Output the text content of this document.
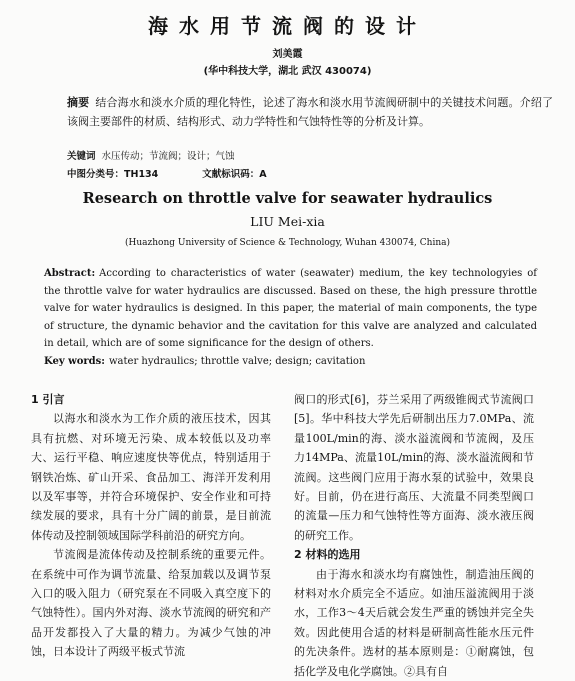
海水用节流阀的设计
刘美霞
(华中科技大学，湖北 武汉 430074)
摘要 结合海水和淡水介质的理化特性，论述了海水和淡水用节流阀研制中的关键技术问题。介绍了该阀主要部件的材质、结构形式、动力学特性和气蚀特性等的分析及计算。
关键词 水压传动；节流阀；设计；气蚀
中图分类号：TH134	文献标识码：A
Research on throttle valve for seawater hydraulics
LIU Mei-xia
(Huazhong University of Science & Technology, Wuhan 430074, China)
Abstract: According to characteristics of water (seawater) medium, the key technologyies of the throttle valve for water hydraulics are discussed. Based on these, the high pressure throttle valve for water hydraulics is designed. In this paper, the material of main components, the type of structure, the dynamic behavior and the cavitation for this valve are analyzed and calculated in detail, which are of some significance for the design of others.
Key words: water hydraulics; throttle valve; design; cavitation
1 引言

以海水和淡水为工作介质的液压技术，因其具有抗燃、对环境无污染、成本较低以及功率大、运行平稳、响应速度快等优点，特别适用于钢铁冶炼、矿山开采、食品加工、海洋开发利用以及军事等，并符合环境保护、安全作业和可持续发展的要求，具有十分广阔的前景，是目前流体传动及控制领域国际学科前沿的研究方向。

节流阀是流体传动及控制系统的重要元件。在系统中可作为调节流量、给泵加载以及调节泵入口的吸入阻力（研究泵在不同吸入真空度下的气蚀特性）。国内外对海、淡水节流阀的研究和产品开发都投入了大量的精力。为减少气蚀的冲蚀，日本设计了两级平板式节流

阀口的形式[6]，芬兰采用了两级锥阀式节流阀口[5]。华中科技大学先后研制出压力7.0MPa、流量100L/min的海、淡水溢流阀和节流阀，及压力14MPa、流量10L/min的海、淡水溢流阀和节流阀。这些阀门应用于海水泵的试验中，效果良好。目前，仍在进行高压、大流量不同类型阀口的流量—压力和气蚀特性等方面海、淡水液压阀的研究工作。

2 材料的选用

由于海水和淡水均有腐蚀性，制造油压阀的材料对水介质完全不适应。如油压溢流阀用于淡水，工作3～4天后就会发生严重的锈蚀并完全失效。因此使用合适的材料是研制高性能水压元件的先决条件。选材的基本原则是：①耐腐蚀，包括化学及电化学腐蚀。②具有自
